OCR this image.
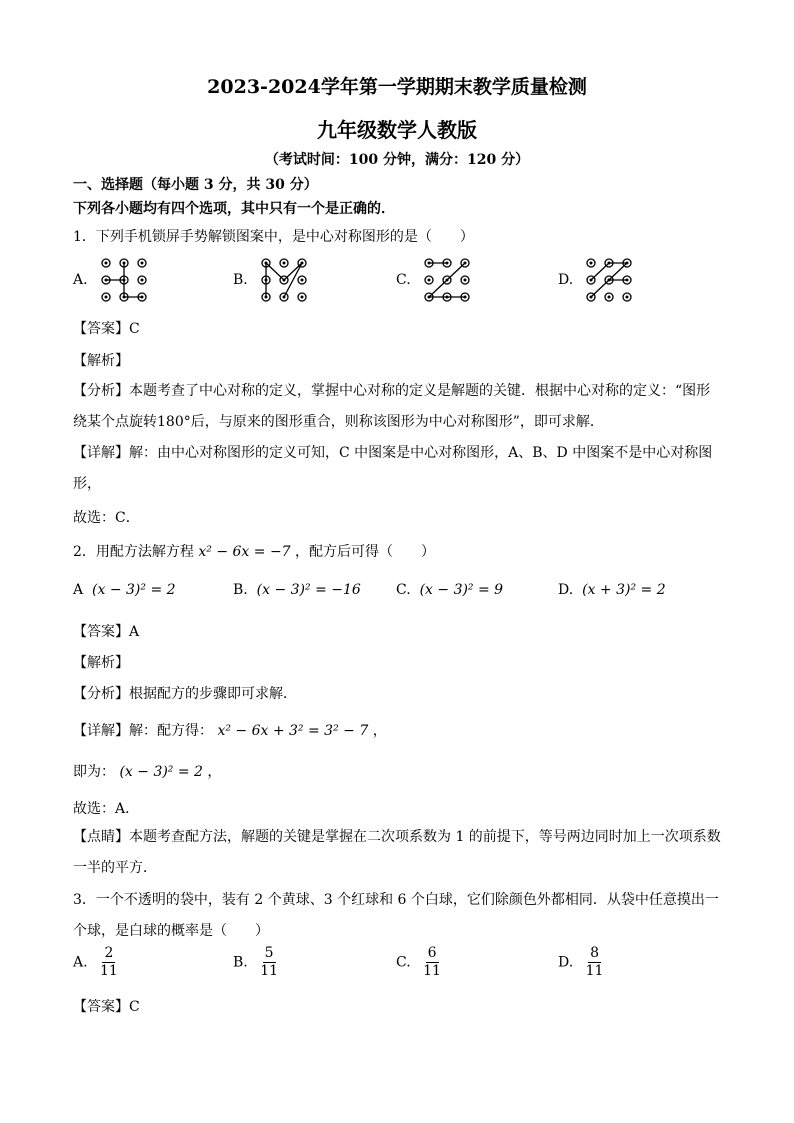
2023-2024学年第一学期期末教学质量检测
九年级数学人教版
（考试时间：100 分钟，满分：120 分）
一、选择题（每小题 3 分，共 30 分）
下列各小题均有四个选项，其中只有一个是正确的．
1．下列手机锁屏手势解锁图案中，是中心对称图形的是（　　）
A.	B.	C.	D.
【答案】C
【解析】
【分析】本题考查了中心对称的定义，掌握中心对称的定义是解题的关键．根据中心对称的定义：“图形绕某个点旋转180°后，与原来的图形重合，则称该图形为中心对称图形”，即可求解．
【详解】解：由中心对称图形的定义可知，C 中图案是中心对称图形，A、B、D 中图案不是中心对称图形，
故选：C．
2．用配方法解方程 x² − 6x = −7 ，配方后可得（　　）
A (x − 3)² = 2	B. (x − 3)² = −16	C. (x − 3)² = 9	D. (x + 3)² = 2
【答案】A
【解析】
【分析】根据配方的步骤即可求解．
【详解】解：配方得： x² − 6x + 3² = 3² − 7 ，
即为： (x − 3)² = 2 ，
故选：A．
【点睛】本题考查配方法，解题的关键是掌握在二次项系数为 1 的前提下，等号两边同时加上一次项系数一半的平方．
3．一个不透明的袋中，装有 2 个黄球、3 个红球和 6 个白球，它们除颜色外都相同．从袋中任意摸出一个球，是白球的概率是（　　）
A. $\frac{2}{11}$	B. $\frac{5}{11}$	C. $\frac{6}{11}$	D. $\frac{8}{11}$
【答案】C
